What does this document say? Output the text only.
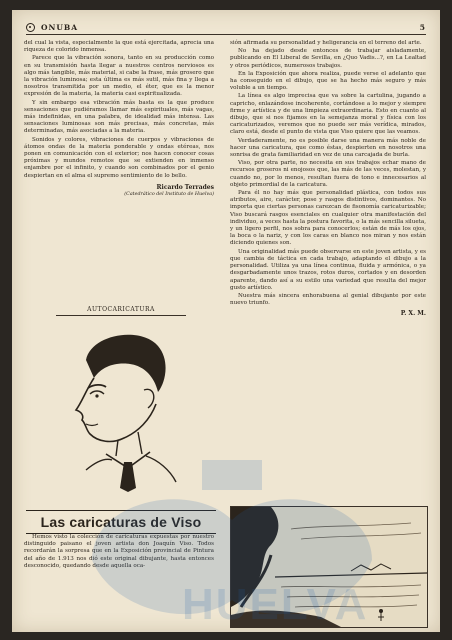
ONUBA	5

del cual la vista, especialmente la que está ejercitada, aprecia una riqueza de colorido inmensa.

Parece que la vibración sonora, tanto en su producción como en su transmisión hasta llegar a nuestros centros nerviosos es algo más tangible, más material, si cabe la frase, más grosero que la vibración luminosa; esta última es más sutil, más fina y llega a nosotros transmitida por un medio, el éter, que es la menor expresión de la materia, la materia casi espiritualizada.

Y sin embargo esa vibración más basta es la que produce sensaciones que pudiéramos llamar más espirituales, más vagas, más indefinidas, en una palabra, de idealidad más intensa. Las sensaciones luminosas son más precisas, más concretas, más determinadas, más asociadas a la materia.

Sonidos y colores, vibraciones de cuerpos y vibraciones de átomos ondas de la materia ponderable y ondas etéreas, nos ponen en comunicación con el exterior; nos hacen conocer cosas próximas y mundos remotos que se extienden en inmenso enjambre por el infinito, y cuando son combinados por el genio despiertan en el alma el supremo sentimiento de lo bello.

Ricardo Terrades
(Catedrático del Instituto de Huelva)
AUTOCARICATURA
Las caricaturas de Viso

Hemos visto la colección de caricaturas expuestas por nuestro distinguido paisano el joven artista don Joaquín Viso. Todos recordarán la sorpresa que en la Exposición provincial de Pintura del año de 1.913 nos dió este original dibujante, hasta entonces desconocido, quedando desde aquella oca-

sión afirmada su personalidad y heligerancia en el terreno del arte.

No ha dejado desde entonces de trabajar aisladamente, publicando en El Liberal de Sevilla, en ¿Quo Vadis...?, en La Lealtad y otros periódicos, numerosos trabajos.

En la Exposición que ahora realiza, puede verse el adelanto que ha conseguido en el dibujo, que se ha hecho más seguro y más voluble a un tiempo.

La línea es algo imprecisa que va sobre la cartulina, jugando a capricho, enlazándose incoherente, cortándose a lo mejor y siempre firme y artística y de una limpieza extraordinaria. Esto en cuanto al dibujo, que si nos fijamos en la semejanza moral y física con los caricaturizados, veremos que no puede ser más verídica, mirados, claro está, desde el punto de vista que Viso quiere que las veamos.

Verdaderamente, no es posible darse una manera más noble de hacer una caricatura, que como éstas, despierten en nosotros una sonrisa de grata familiaridad en vez de una carcajada de burla.

Viso, por otra parte, no necesita en sus trabajos echar mano de recursos groseros ni enojosos que, las más de las veces, molestan, y cuando no, por lo menos, resultan fuera de tono e innecesarios al objeto primordial de la caricatura.

Para él no hay más que personalidad plástica, con todos sus atributos, aire, carácter, pose y rasgos distintivos, dominantes. No importa que ciertas personas carezcan de fisonomía caricaturizable; Viso buscará rasgos esenciales en cualquier otra manifestación del individuo, a veces hasta la postura favorita, o la más sencilla silueta, y un ligero perfil, nos sobra para conocerlos; están de más los ojos, la boca o la nariz, y con los caras en blanco nos miran y nos están diciendo quienes son.

Una originalidad más puede observarse en este joven artista, y es que cambia de táctica en cada trabajo, adaptando el dibujo a la personalidad. Utiliza ya una línea continua, fluida y armónica, o ya desgarbadamente unos trazos, rotos duros, cortados y en desorden aparente, dando así a su estilo una variedad que resulta del mejor gusto artístico.

Nuestra más sincera enhorabuena al genial dibujante por este nuevo triunfo.

P. X. M.
